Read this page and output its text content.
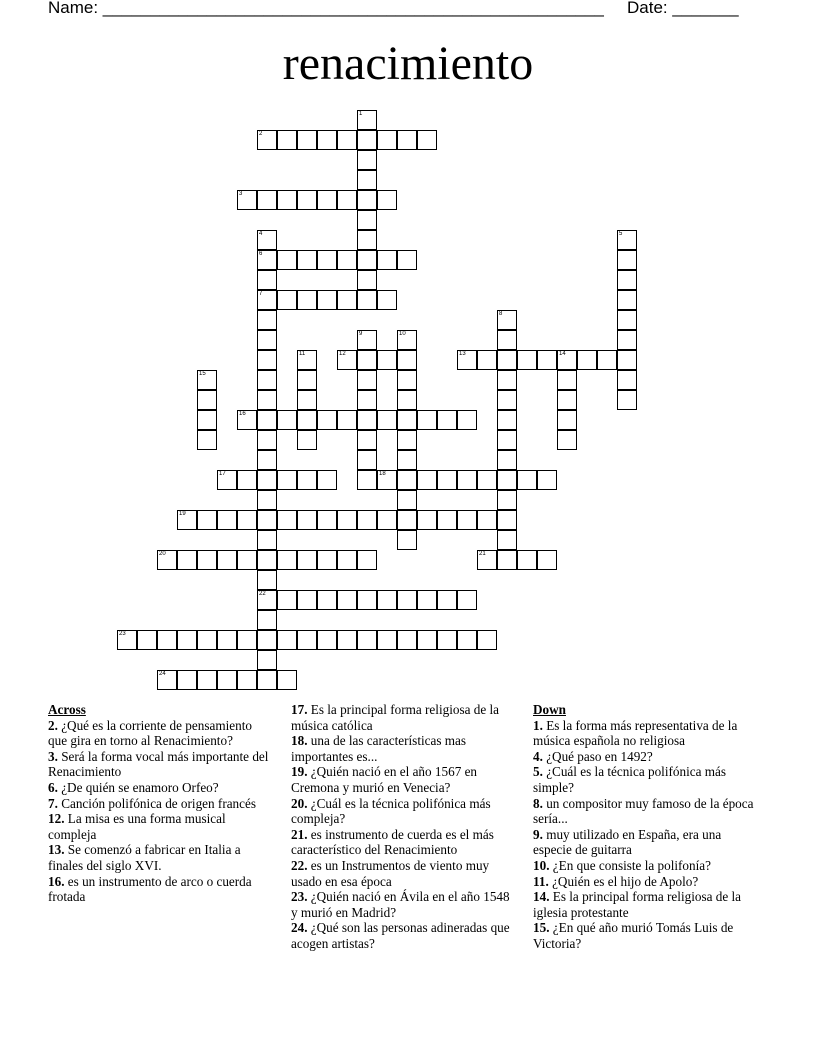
Name: _____________________________________________________ Date: _______
renacimiento
1
2
3
4
6
7
22
5
8
9	10
11	12	13	14
15
16
17	18
19
20	21
23
24
Across
2. ¿Qué es la corriente de pensamiento que gira en torno al Renacimiento?
3. Será la forma vocal más importante del Renacimiento
6. ¿De quién se enamoro Orfeo?
7. Canción polifónica de origen francés
12. La misa es una forma musical compleja
13. Se comenzó a fabricar en Italia a finales del siglo XVI.
16. es un instrumento de arco o cuerda frotada
17. Es la principal forma religiosa de la música católica
18. una de las características mas importantes es...
19. ¿Quién nació en el año 1567 en Cremona y murió en Venecia?
20. ¿Cuál es la técnica polifónica más compleja?
21. es instrumento de cuerda es el más característico del Renacimiento
22. es un Instrumentos de viento muy usado en esa época
23. ¿Quién nació en Ávila en el año 1548 y murió en Madrid?
24. ¿Qué son las personas adineradas que acogen artistas?
Down
1. Es la forma más representativa de la música española no religiosa
4. ¿Qué paso en 1492?
5. ¿Cuál es la técnica polifónica más simple?
8. un compositor muy famoso de la época sería...
9. muy utilizado en España, era una especie de guitarra
10. ¿En que consiste la polifonía?
11. ¿Quién es el hijo de Apolo?
14. Es la principal forma religiosa de la iglesia protestante
15. ¿En qué año murió Tomás Luis de Victoria?
